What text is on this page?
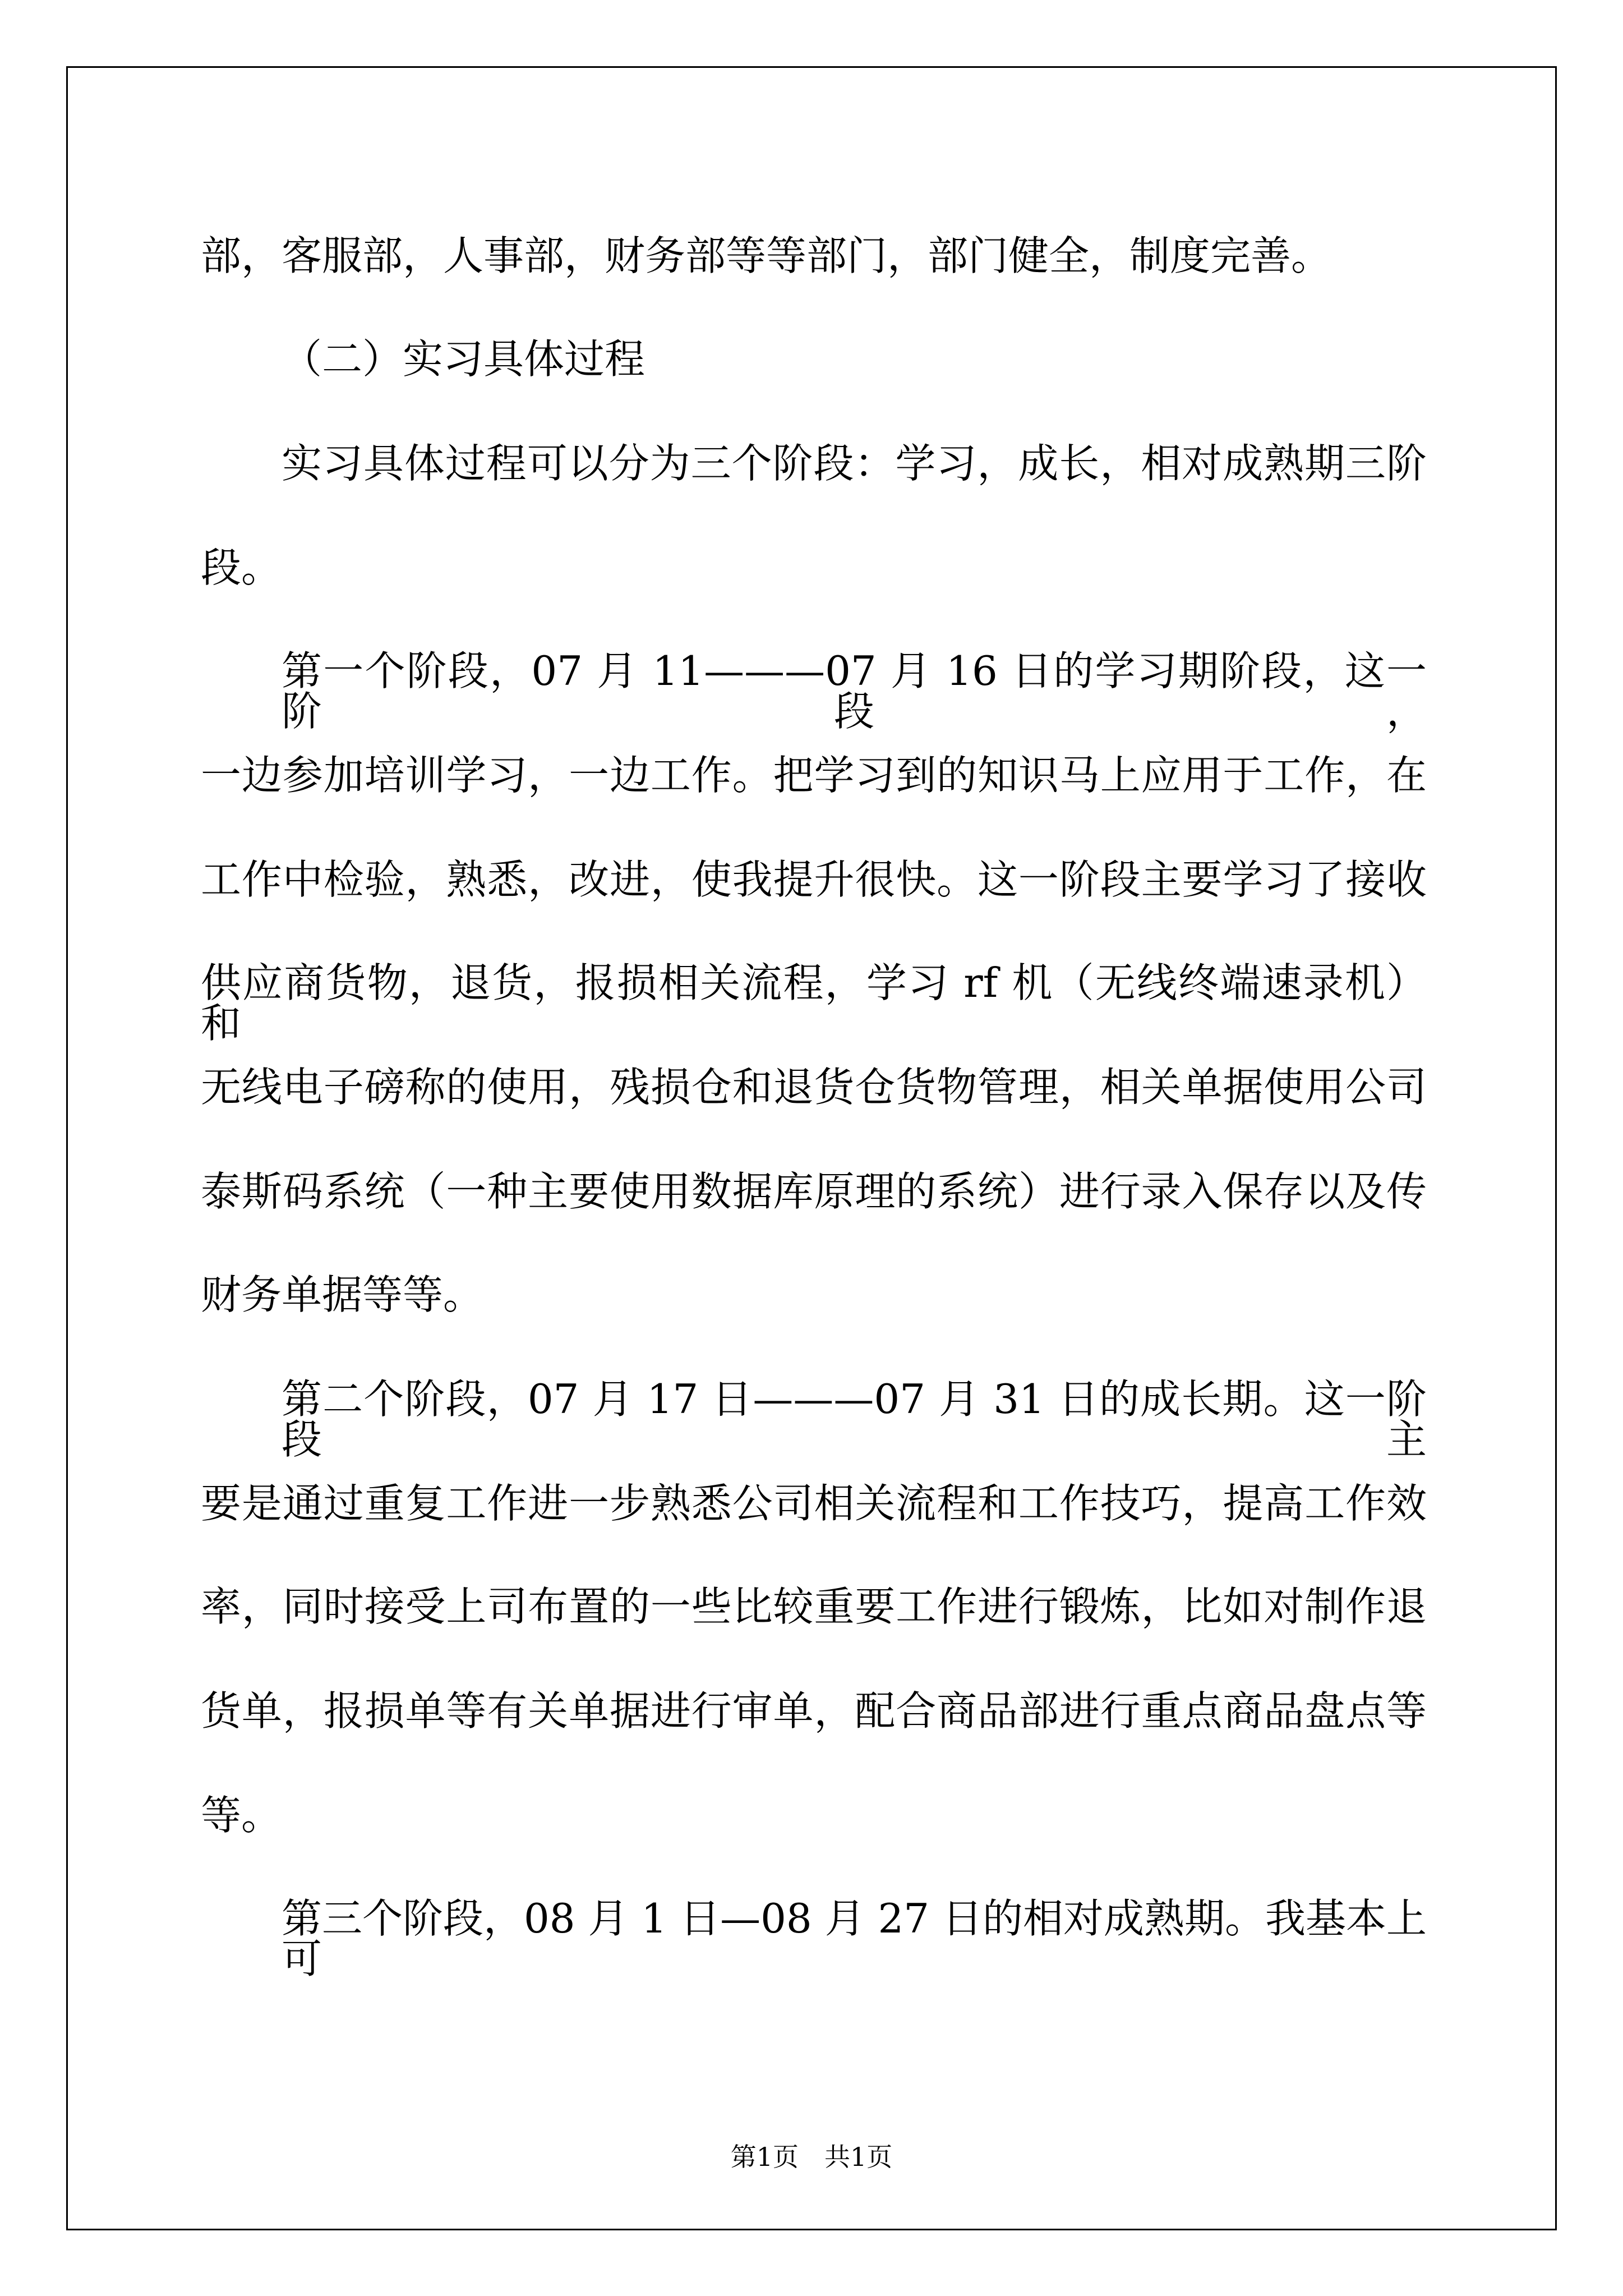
部，客服部，人事部，财务部等等部门，部门健全，制度完善。
（二）实习具体过程
实习具体过程可以分为三个阶段：学习，成长，相对成熟期三阶
段。
第一个阶段，07 月 11———07 月 16 日的学习期阶段，这一阶段，
一边参加培训学习，一边工作。把学习到的知识马上应用于工作，在
工作中检验，熟悉，改进，使我提升很快。这一阶段主要学习了接收
供应商货物，退货，报损相关流程，学习 rf 机（无线终端速录机）和
无线电子磅称的使用，残损仓和退货仓货物管理，相关单据使用公司
泰斯码系统（一种主要使用数据库原理的系统）进行录入保存以及传
财务单据等等。
第二个阶段，07 月 17 日———07 月 31 日的成长期。这一阶段主
要是通过重复工作进一步熟悉公司相关流程和工作技巧，提高工作效
率，同时接受上司布置的一些比较重要工作进行锻炼，比如对制作退
货单，报损单等有关单据进行审单，配合商品部进行重点商品盘点等
等。
第三个阶段，08 月 1 日—08 月 27 日的相对成熟期。我基本上可
第1页　共1页
